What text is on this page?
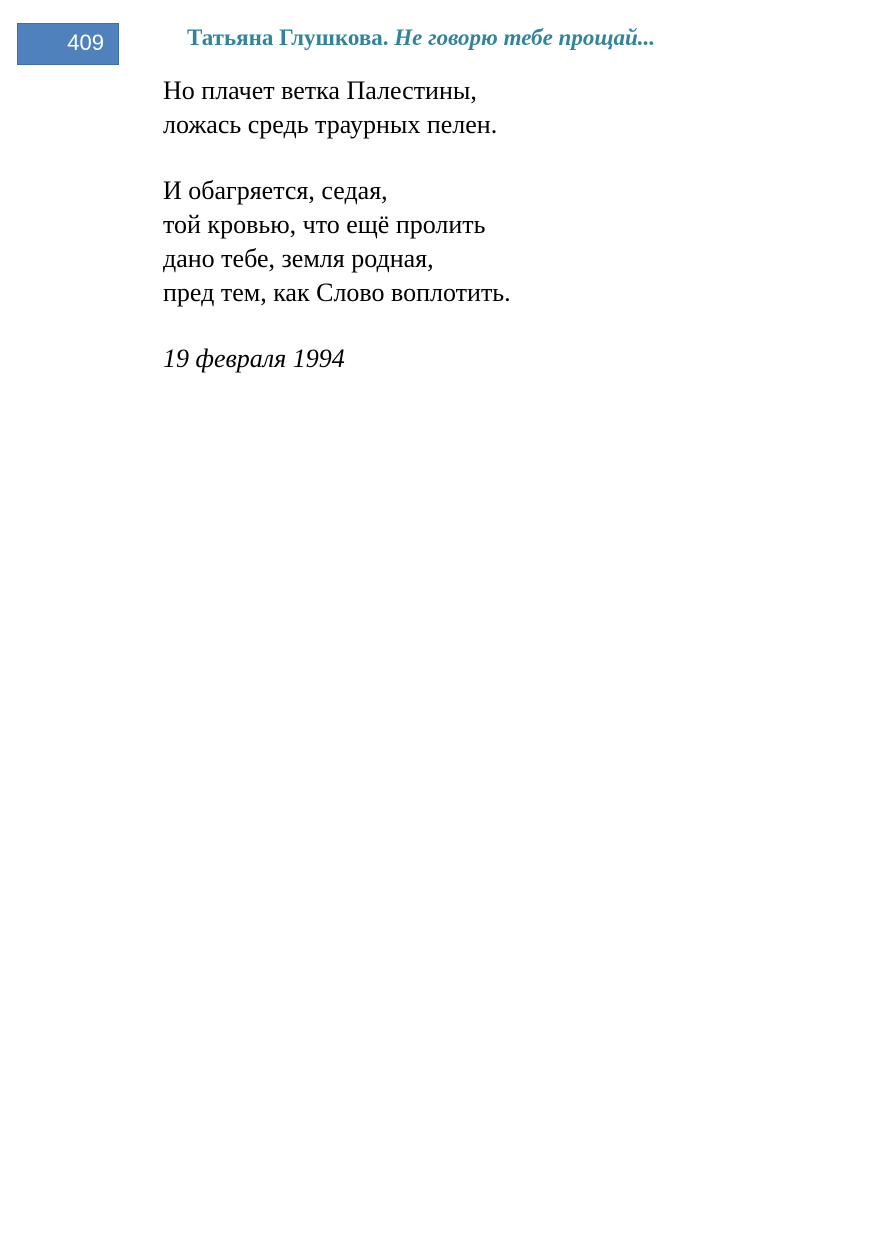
409	Татьяна Глушкова. Не говорю тебе прощай...
Но плачет ветка Палестины,
ложась средь траурных пелен.
И обагряется, седая,
той кровью, что ещё пролить
дано тебе, земля родная,
пред тем, как Слово воплотить.
19 февраля 1994
